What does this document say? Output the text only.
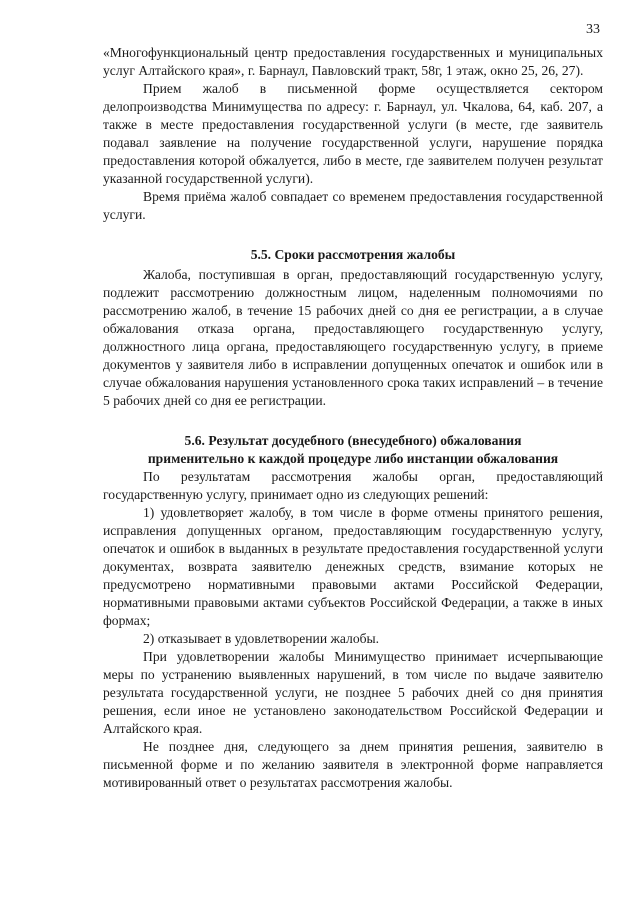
33

«Многофункциональный центр предоставления государственных и муниципальных услуг Алтайского края», г. Барнаул, Павловский тракт, 58г, 1 этаж, окно 25, 26, 27).

Прием жалоб в письменной форме осуществляется сектором делопроизводства Минимущества по адресу: г. Барнаул, ул. Чкалова, 64, каб. 207, а также в месте предоставления государственной услуги (в месте, где заявитель подавал заявление на получение государственной услуги, нарушение порядка предоставления которой обжалуется, либо в месте, где заявителем получен результат указанной государственной услуги).

Время приёма жалоб совпадает со временем предоставления государственной услуги.

5.5. Сроки рассмотрения жалобы

Жалоба, поступившая в орган, предоставляющий государственную услугу, подлежит рассмотрению должностным лицом, наделенным полномочиями по рассмотрению жалоб, в течение 15 рабочих дней со дня ее регистрации, а в случае обжалования отказа органа, предоставляющего государственную услугу, должностного лица органа, предоставляющего государственную услугу, в приеме документов у заявителя либо в исправлении допущенных опечаток и ошибок или в случае обжалования нарушения установленного срока таких исправлений – в течение 5 рабочих дней со дня ее регистрации.

5.6. Результат досудебного (внесудебного) обжалования
применительно к каждой процедуре либо инстанции обжалования

По результатам рассмотрения жалобы орган, предоставляющий государственную услугу, принимает одно из следующих решений:

1) удовлетворяет жалобу, в том числе в форме отмены принятого решения, исправления допущенных органом, предоставляющим государственную услугу, опечаток и ошибок в выданных в результате предоставления государственной услуги документах, возврата заявителю денежных средств, взимание которых не предусмотрено нормативными правовыми актами Российской Федерации, нормативными правовыми актами субъектов Российской Федерации, а также в иных формах;

2) отказывает в удовлетворении жалобы.

При удовлетворении жалобы Минимущество принимает исчерпывающие меры по устранению выявленных нарушений, в том числе по выдаче заявителю результата государственной услуги, не позднее 5 рабочих дней со дня принятия решения, если иное не установлено законодательством Российской Федерации и Алтайского края.

Не позднее дня, следующего за днем принятия решения, заявителю в письменной форме и по желанию заявителя в электронной форме направляется мотивированный ответ о результатах рассмотрения жалобы.
